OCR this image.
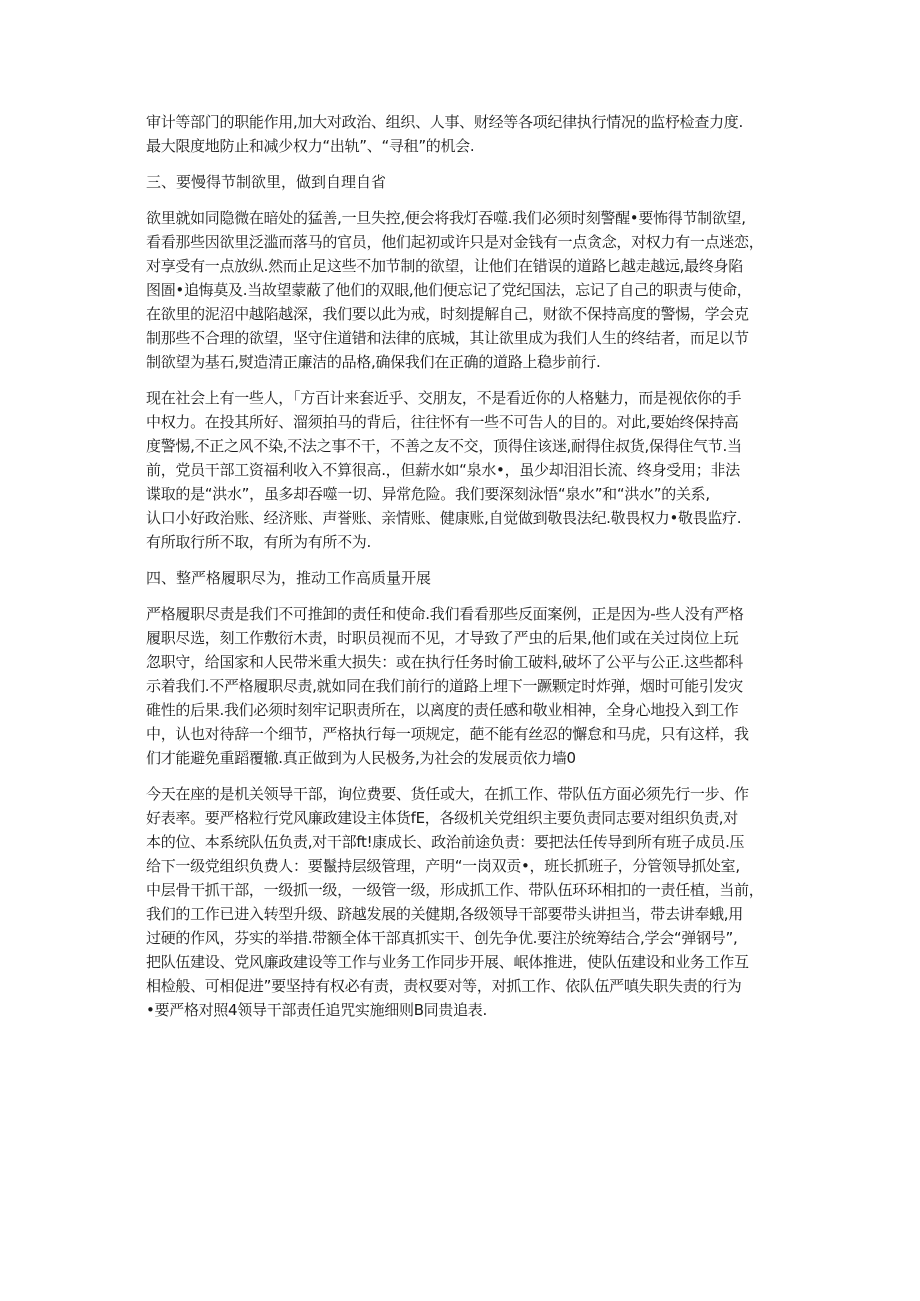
审计等部门的职能作用,加大对政治、组织、人事、财经等各项纪律执行情况的监杼检查力度.
最大限度地防止和减少权力“出轨”、“寻租”的机会.
三、要慢得节制欲里，做到自理自省
欲里就如同隐微在暗处的猛善,一旦失控,便会将我灯吞噬.我们必须时刻警醒•要怖得节制欲望,
看看那些因欲里泛滥而落马的官员，他们起初或许只是对金钱有一点贪念，对权力有一点迷恋，
对享受有一点放纵.然而止足这些不加节制的欲望，让他们在错误的道路匕越走越远,最终身陷
图圄•追悔莫及.当故望蒙蔽了他们的双眼,他们便忘记了党纪国法，忘记了自己的职责与使命，
在欲里的泥沼中越陷越深，我们要以此为戒，时刻提解自己，财欲不保持高度的警惕，学会克
制那些不合理的欲望，坚守住道错和法律的底城，其让欲里成为我们人生的终结者，而足以节
制欲望为基石,熨造清正廉洁的品格,确保我们在正确的道路上稳步前行.
现在社会上有一些人，「方百计来套近乎、交朋友，不是看近你的人格魅力，而是视依你的手
中权力。在投其所好、溜须拍马的背后，往往怀有一些不可告人的目的。对此,要始终保持高
度警惕,不正之风不染,不法之事不干，不善之友不交，顶得住该迷,耐得住叔货,保得住气节.当
前，党员干部工资福利收入不算很高.，但薪水如“泉水•，虽少却泪泪长流、终身受用；非法
谍取的是“洪水”，虽多却吞噬一切、异常危险。我们要深刻泳悟“泉水”和“洪水”的关系,
认口小好政治账、经济账、声誉账、亲情账、健康账,自觉做到敬畏法纪.敬畏权力•敬畏监疗.
有所取行所不取，有所为有所不为.
四、整严格履职尽为，推动工作高质量开展
严格履职尽责是我们不可推卸的责任和使命.我们看看那些反面案例，正是因为-些人没有严格
履职尽选，刻工作敷衍木责，时职员视而不见，才导致了严虫的后果,他们或在关过岗位上玩
忽职守，给国家和人民带米重大损失：或在执行任务时偷工破料,破坏了公平与公正.这些都科
示着我们.不严格履职尽责,就如同在我们前行的道路上埋下一蹶颗定时炸弹，烟时可能引发灾
碓性的后果.我们必须时刻牢记职责所在，以离度的责任感和敬业相神，全身心地投入到工作
中，认也对待辞一个细节，严格执行每一项规定，葩不能有丝忍的懈怠和马虎，只有这样，我
们才能避免重蹈覆辙.真正做到为人民极务,为社会的发展贡依力墙0
今天在座的是机关领导干部，询位费要、货任或大，在抓工作、带队伍方面必须先行一步、作
好表率。要严格粒行党风廉政建设主体货fE，各级机关党组织主要负责同志要对组织负责,对
本的位、本系统队伍负责,对干部ft!康成长、政治前途负责：要把法任传导到所有班子成员.压
给下一级党组织负费人：要鬣持层级管理，产明“一岗双贡•，班长抓班子，分管领导抓处室,
中层骨干抓干部，一级抓一级，一级管一级，形成抓工作、带队伍环环相扣的一责任植，当前，
我们的工作已进入转型升级、跻越发展的关健期,各级领导干部要带头讲担当，带去讲奉蛾,用
过硬的作风，芬实的举措.带额全体干部真抓实干、创先争优.要注於统筹结合,学会“弹钢号”,
把队伍建设、党风廉政建设等工作与业务工作同步开展、岷体推进，使队伍建设和业务工作互
相检般、可相促进”要坚持有权必有责，责权要对等，对抓工作、依队伍严嗔失职失责的行为
•要严格对照4领导干部责任追咒实施细则B同贵追表.
